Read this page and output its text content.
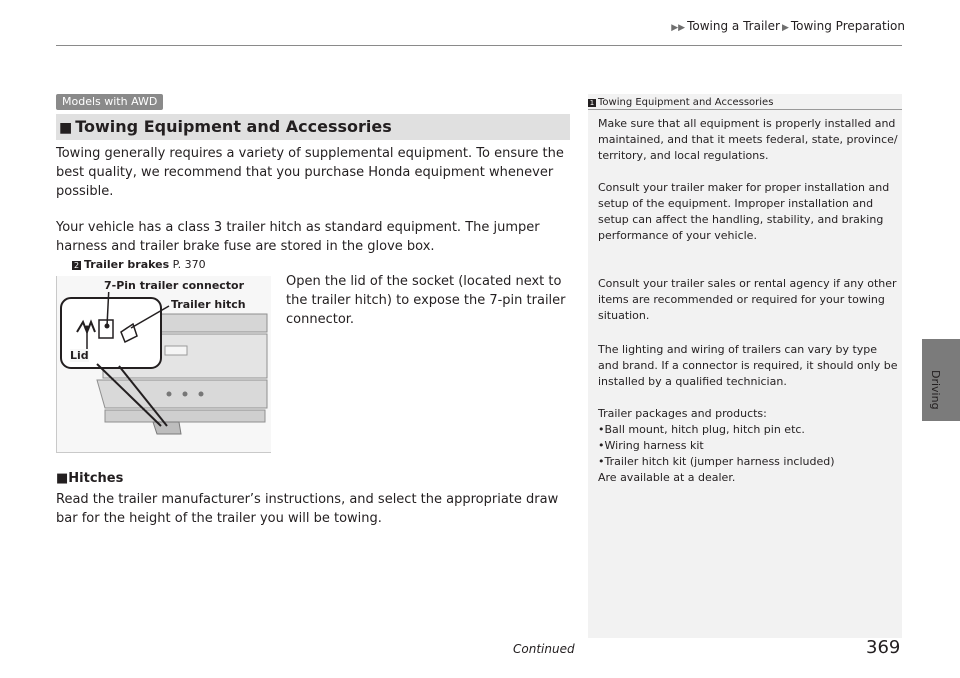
▶▶ Towing a Trailer ▶ Towing Preparation
Driving
Models with AWD
■ Towing Equipment and Accessories
Towing generally requires a variety of supplemental equipment. To ensure the best quality, we recommend that you purchase Honda equipment whenever possible.
Your vehicle has a class 3 trailer hitch as standard equipment. The jumper harness and trailer brake fuse are stored in the glove box.
2 Trailer brakes P. 370
7-Pin trailer connector
Trailer hitch
Lid
Open the lid of the socket (located next to the trailer hitch) to expose the 7-pin trailer connector.
■Hitches
Read the trailer manufacturer’s instructions, and select the appropriate draw bar for the height of the trailer you will be towing.
1 Towing Equipment and Accessories
Make sure that all equipment is properly installed and maintained, and that it meets federal, state, province/ territory, and local regulations.
Consult your trailer maker for proper installation and setup of the equipment. Improper installation and setup can affect the handling, stability, and braking performance of your vehicle.
Consult your trailer sales or rental agency if any other items are recommended or required for your towing situation.
The lighting and wiring of trailers can vary by type and brand. If a connector is required, it should only be installed by a qualified technician.
Trailer packages and products:
•Ball mount, hitch plug, hitch pin etc.
•Wiring harness kit
•Trailer hitch kit (jumper harness included)
Are available at a dealer.
Continued	369
